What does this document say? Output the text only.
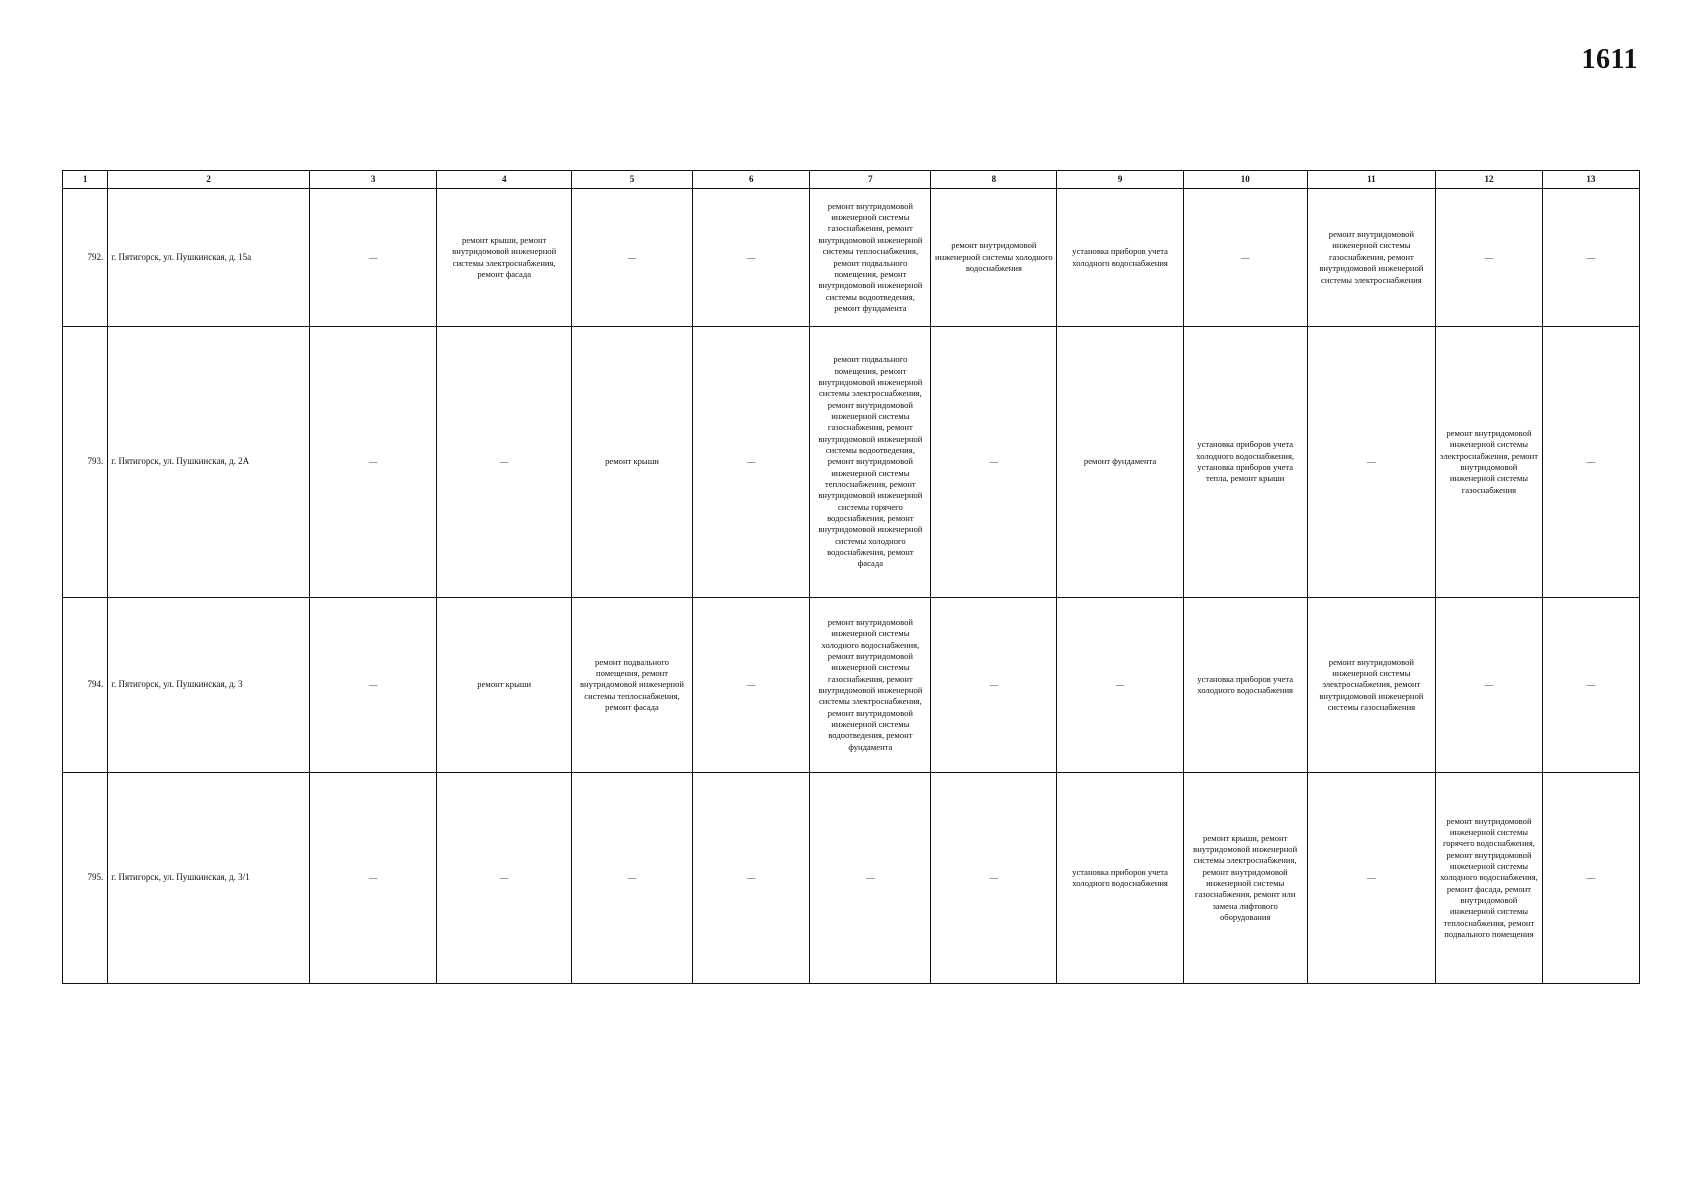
1611
1	2	3	4	5	6	7	8	9	10	11	12	13
792.	г. Пятигорск, ул. Пушкинская, д. 15а	—	ремонт крыши, ремонт внутридомовой инженерной системы электроснабжения, ремонт фасада	—	—	ремонт внутридомовой инженерной системы газоснабжения, ремонт внутридомовой инженерной системы теплоснабжения, ремонт подвального помещения, ремонт внутридомовой инженерной системы водоотведения, ремонт фундамента	ремонт внутридомовой инженерной системы холодного водоснабжения	установка приборов учета холодного водоснабжения	—	ремонт внутридомовой инженерной системы газоснабжения, ремонт внутридомовой инженерной системы электроснабжения	—	—
793.	г. Пятигорск, ул. Пушкинская, д. 2А	—	—	ремонт крыши	—	ремонт подвального помещения, ремонт внутридомовой инженерной системы электроснабжения, ремонт внутридомовой инженерной системы газоснабжения, ремонт внутридомовой инженерной системы водоотведения, ремонт внутридомовой инженерной системы теплоснабжения, ремонт внутридомовой инженерной системы горячего водоснабжения, ремонт внутридомовой инженерной системы холодного водоснабжения, ремонт фасада	—	ремонт фундамента	установка приборов учета холодного водоснабжения, установка приборов учета тепла, ремонт крыши	—	ремонт внутридомовой инженерной системы электроснабжения, ремонт внутридомовой инженерной системы газоснабжения	—
794.	г. Пятигорск, ул. Пушкинская, д. 3	—	ремонт крыши	ремонт подвального помещения, ремонт внутридомовой инженерной системы теплоснабжения, ремонт фасада	—	ремонт внутридомовой инженерной системы холодного водоснабжения, ремонт внутридомовой инженерной системы газоснабжения, ремонт внутридомовой инженерной системы электроснабжения, ремонт внутридомовой инженерной системы водоотведения, ремонт фундамента	—	—	установка приборов учета холодного водоснабжения	ремонт внутридомовой инженерной системы электроснабжения, ремонт внутридомовой инженерной системы газоснабжения	—	—
795.	г. Пятигорск, ул. Пушкинская, д. 3/1	—	—	—	—	—	—	установка приборов учета холодного водоснабжения	ремонт крыши, ремонт внутридомовой инженерной системы электроснабжения, ремонт внутридомовой инженерной системы газоснабжения, ремонт или замена лифтового оборудования	—	ремонт внутридомовой инженерной системы горячего водоснабжения, ремонт внутридомовой инженерной системы холодного водоснабжения, ремонт фасада, ремонт внутридомовой инженерной системы теплоснабжения, ремонт подвального помещения	—
